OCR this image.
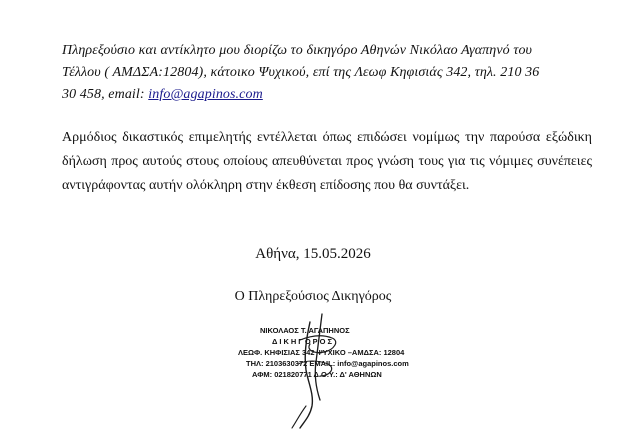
Πληρεξούσιο και αντίκλητο μου διορίζω το δικηγόρο Αθηνών Νικόλαο Αγαπηνό του
Τέλλου ( ΑΜΔΣΑ:12804), κάτοικο Ψυχικού, επί της Λεωφ Κηφισιάς 342, τηλ. 210 36
30 458, email: info@agapinos.com
Αρμόδιος δικαστικός επιμελητής εντέλλεται όπως επιδώσει νομίμως την παρούσα εξώδικη δήλωση προς αυτούς στους οποίους απευθύνεται προς γνώση τους για τις νόμιμες συνέπειες αντιγράφοντας αυτήν ολόκληρη στην έκθεση επίδοσης που θα συντάξει.
Αθήνα, 15.05.2026
Ο Πληρεξούσιος Δικηγόρος
ΝΙΚΟΛΑΟΣ Τ. ΑΓΑΠΗΝΟΣ
ΔΙΚΗΓΟΡΟΣ
ΛΕΩΦ. ΚΗΦΙΣΙΑΣ 342 ΨΥΧΙΚΟ –ΑΜΔΣΑ: 12804
ΤΗΛ: 2103630372 EMAIL: info@agapinos.com
ΑΦΜ: 021820771 Δ.Ο.Υ.: Δ' ΑΘΗΝΩΝ
